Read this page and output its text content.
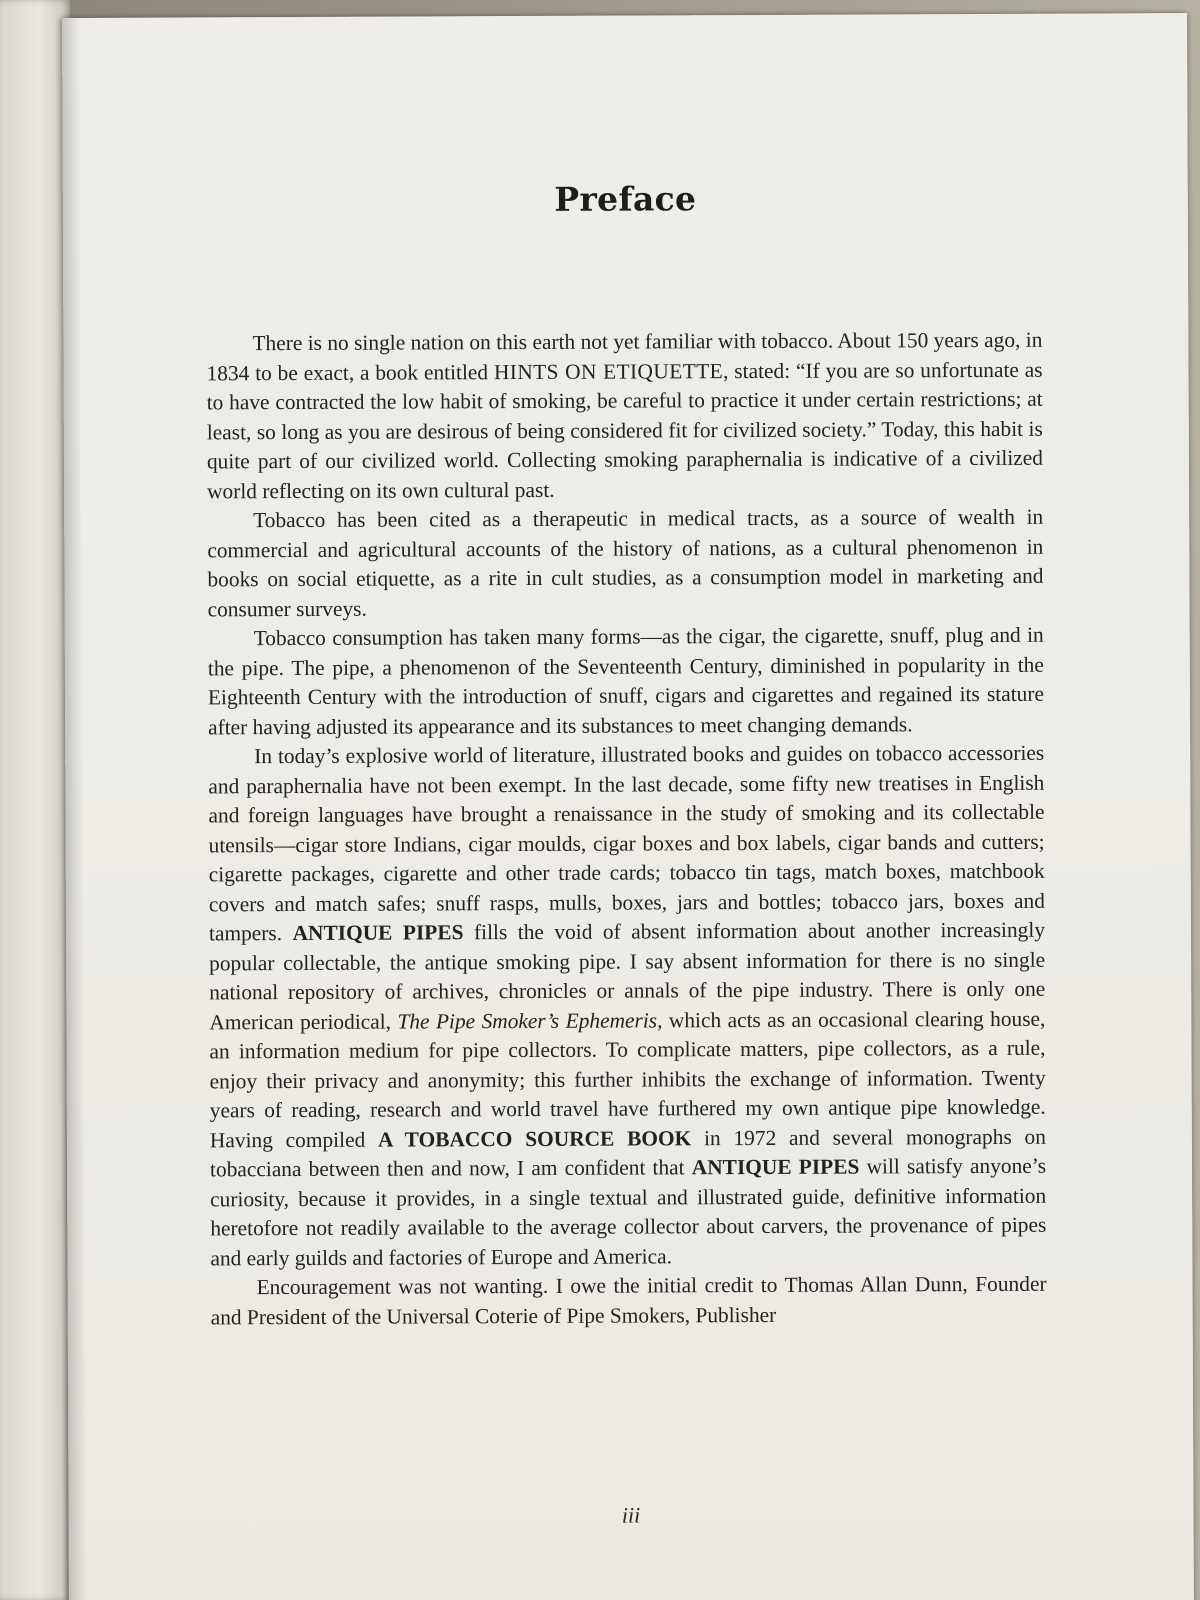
Preface

There is no single nation on this earth not yet familiar with tobacco. About 150 years ago, in 1834 to be exact, a book entitled HINTS ON ETIQUETTE, stated: “If you are so unfortunate as to have contracted the low habit of smoking, be careful to practice it under certain restrictions; at least, so long as you are desirous of being considered fit for civilized society.” Today, this habit is quite part of our civilized world. Collecting smoking paraphernalia is indicative of a civilized world reflecting on its own cultural past.

Tobacco has been cited as a therapeutic in medical tracts, as a source of wealth in commercial and agricultural accounts of the history of nations, as a cultural phenomenon in books on social etiquette, as a rite in cult studies, as a consumption model in marketing and consumer surveys.

Tobacco consumption has taken many forms—as the cigar, the cigarette, snuff, plug and in the pipe. The pipe, a phenomenon of the Seventeenth Century, diminished in popularity in the Eighteenth Century with the introduction of snuff, cigars and cigarettes and regained its stature after having adjusted its appearance and its substances to meet changing demands.

In today’s explosive world of literature, illustrated books and guides on tobacco accessories and paraphernalia have not been exempt. In the last decade, some fifty new treatises in English and foreign languages have brought a renaissance in the study of smoking and its collectable utensils—cigar store Indians, cigar moulds, cigar boxes and box labels, cigar bands and cutters; cigarette packages, cigarette and other trade cards; tobacco tin tags, match boxes, matchbook covers and match safes; snuff rasps, mulls, boxes, jars and bottles; tobacco jars, boxes and tampers. ANTIQUE PIPES fills the void of absent information about another increasingly popular collectable, the antique smoking pipe. I say absent information for there is no single national repository of archives, chronicles or annals of the pipe industry. There is only one American periodical, The Pipe Smoker’s Ephemeris, which acts as an occasional clearing house, an information medium for pipe collectors. To complicate matters, pipe collectors, as a rule, enjoy their privacy and anonymity; this further inhibits the exchange of information. Twenty years of reading, research and world travel have furthered my own antique pipe knowledge. Having compiled A TOBACCO SOURCE BOOK in 1972 and several monographs on tobacciana between then and now, I am confident that ANTIQUE PIPES will satisfy anyone’s curiosity, because it provides, in a single textual and illustrated guide, definitive information heretofore not readily available to the average collector about carvers, the provenance of pipes and early guilds and factories of Europe and America.

Encouragement was not wanting. I owe the initial credit to Thomas Allan Dunn, Founder and President of the Universal Coterie of Pipe Smokers, Publisher

iii
